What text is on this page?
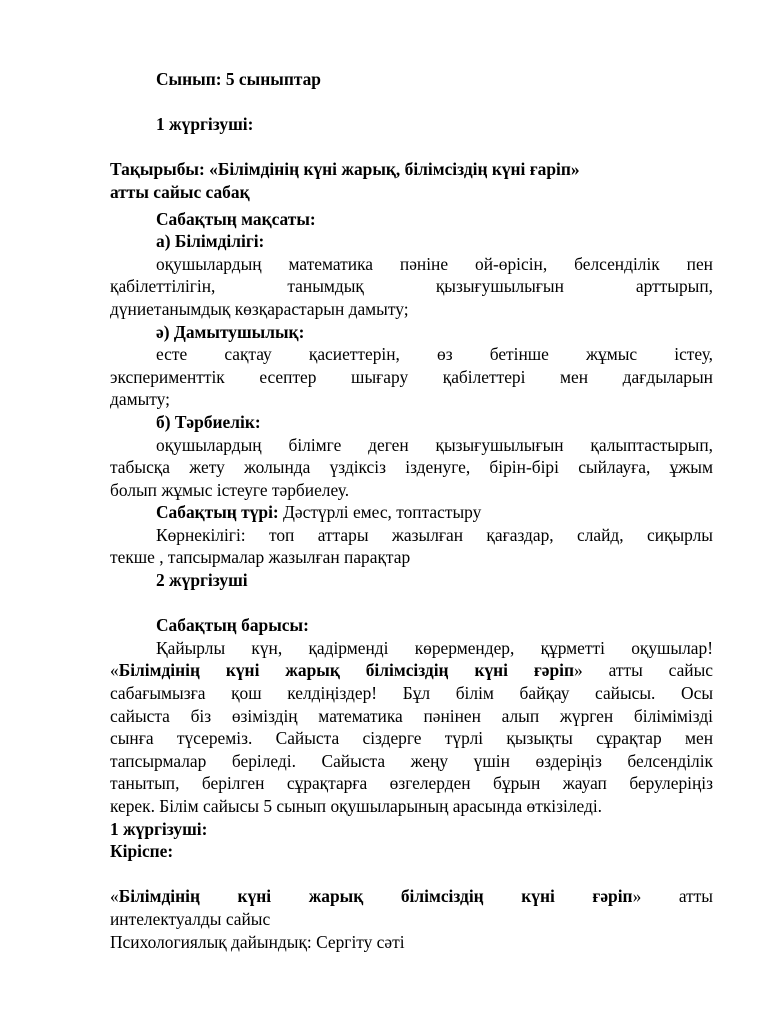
Сынып: 5 сыныптар
1 жүргізуші:
Тақырыбы: «Білімдінің күні жарық, білімсіздің күні ғаріп»
атты сайыс сабақ
Сабақтың мақсаты:
а) Білімділігі:
оқушылардың математика пәніне ой-өрісін, белсенділік пен
қабілеттілігін, танымдық қызығушылығын арттырып,
дүниетанымдық көзқарастарын дамыту;
ә) Дамытушылық:
есте сақтау қасиеттерін, өз бетінше жұмыс істеу,
эксперименттік есептер шығару қабілеттері мен дағдыларын
дамыту;
б) Тәрбиелік:
оқушылардың білімге деген қызығушылығын қалыптастырып,
табысқа жету жолында үздіксіз ізденуге, бірін-бірі сыйлауға, ұжым
болып жұмыс істеуге тәрбиелеу.
Сабақтың түрі: Дәстүрлі емес, топтастыру
Көрнекілігі: топ аттары жазылған қағаздар, слайд, сиқырлы
текше , тапсырмалар жазылған парақтар
2 жүргізуші
Сабақтың барысы:
Қайырлы күн, қадірменді көрермендер, құрметті оқушылар!
«Білімдінің күні жарық білімсіздің күні ғәріп» атты сайыс
сабағымызға қош келдіңіздер! Бұл білім байқау сайысы. Осы
сайыста біз өзіміздің математика пәнінен алып жүрген білімімізді
сынға түсереміз. Сайыста сіздерге түрлі қызықты сұрақтар мен
тапсырмалар беріледі. Сайыста жеңу үшін өздеріңіз белсенділік
танытып, берілген сұрақтарға өзгелерден бұрын жауап берулеріңіз
керек. Білім сайысы 5 сынып оқушыларының арасында өткізіледі.
1 жүргізуші:
Кіріспе:
«Білімдінің күні жарық білімсіздің күні ғәріп» атты
интелектуалды сайыс
Психологиялық дайындық: Сергіту сәті
